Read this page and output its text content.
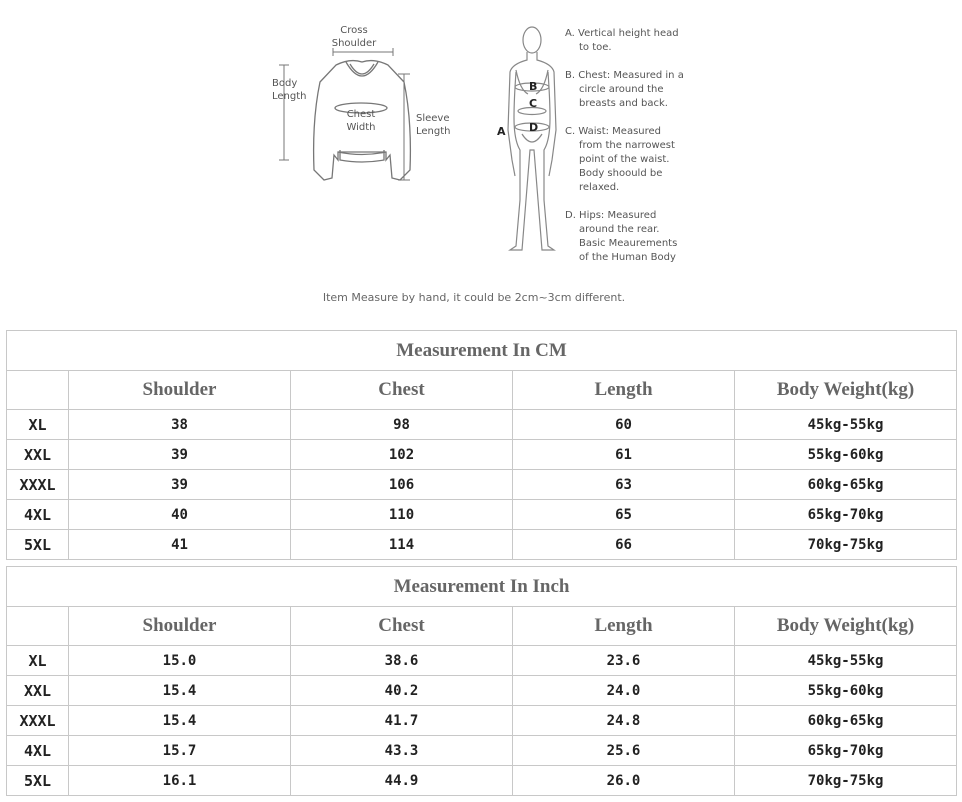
Cross
Shoulder
Body
Length
Chest
Width
Sleeve
Length
B
C
A D
A. Vertical height head
to toe.
B. Chest: Measured in a
circle around the
breasts and back.
C. Waist: Measured
from the narrowest
point of the waist.
Body shoould be
relaxed.
D. Hips: Measured
around the rear.
Basic Meaurements
of the Human Body
Item Measure by hand, it could be 2cm~3cm different.
Measurement In CM				
	Shoulder	Chest	Length	Body Weight(kg)
XL	38	98	60	45kg-55kg
XXL	39	102	61	55kg-60kg
XXXL	39	106	63	60kg-65kg
4XL	40	110	65	65kg-70kg
5XL	41	114	66	70kg-75kg
Measurement In Inch				
	Shoulder	Chest	Length	Body Weight(kg)
XL	15.0	38.6	23.6	45kg-55kg
XXL	15.4	40.2	24.0	55kg-60kg
XXXL	15.4	41.7	24.8	60kg-65kg
4XL	15.7	43.3	25.6	65kg-70kg
5XL	16.1	44.9	26.0	70kg-75kg
